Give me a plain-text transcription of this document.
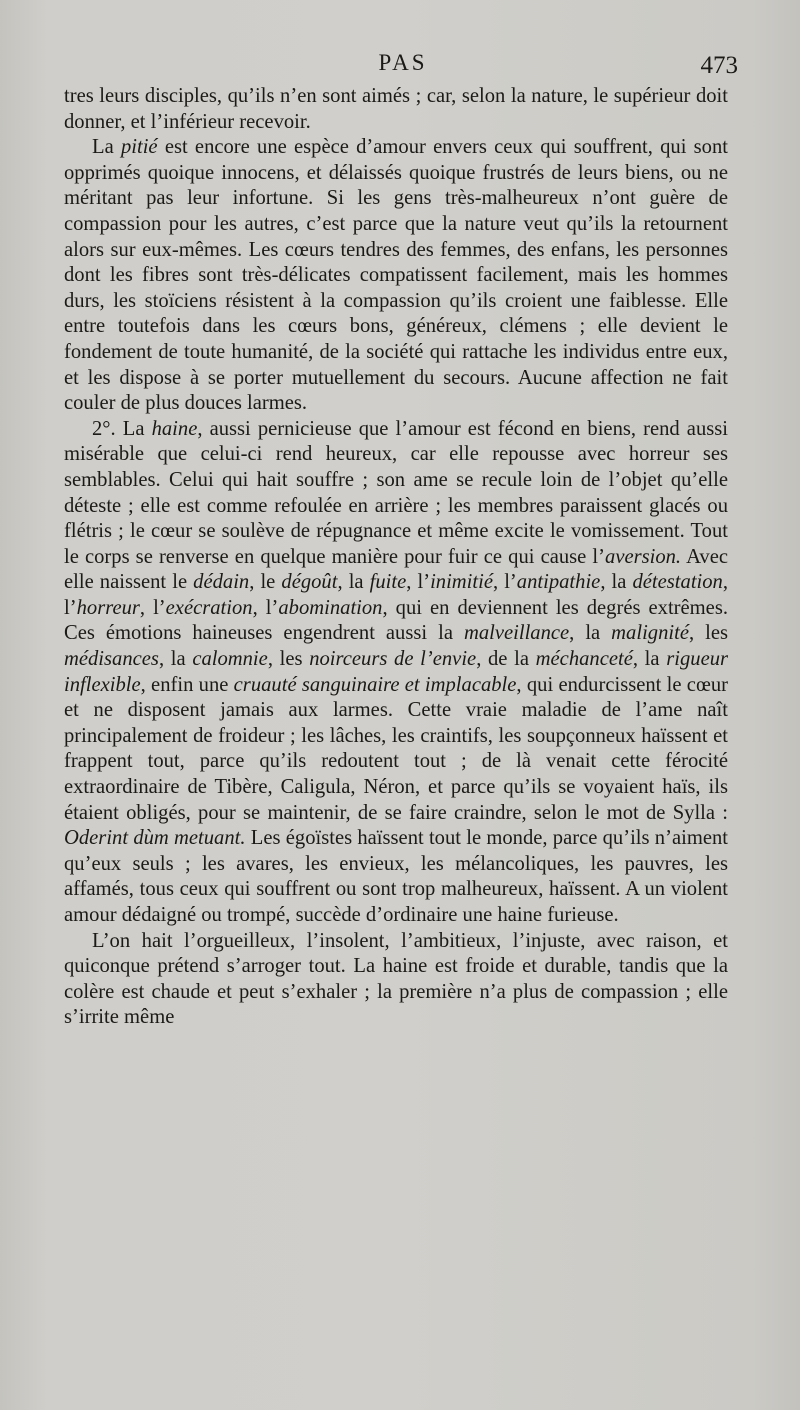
PAS	473

tres leurs disciples, qu’ils n’en sont aimés ; car, selon la nature, le supérieur doit donner, et l’inférieur recevoir.

La pitié est encore une espèce d’amour envers ceux qui souffrent, qui sont opprimés quoique innocens, et délaissés quoique frustrés de leurs biens, ou ne méritant pas leur infortune. Si les gens très-malheureux n’ont guère de compassion pour les autres, c’est parce que la nature veut qu’ils la retournent alors sur eux-mêmes. Les cœurs tendres des femmes, des enfans, les personnes dont les fibres sont très-délicates compatissent facilement, mais les hommes durs, les stoïciens résistent à la compassion qu’ils croient une faiblesse. Elle entre toutefois dans les cœurs bons, généreux, clémens ; elle devient le fondement de toute humanité, de la société qui rattache les individus entre eux, et les dispose à se porter mutuellement du secours. Aucune affection ne fait couler de plus douces larmes.

2°. La haine, aussi pernicieuse que l’amour est fécond en biens, rend aussi misérable que celui-ci rend heureux, car elle repousse avec horreur ses semblables. Celui qui hait souffre ; son ame se recule loin de l’objet qu’elle déteste ; elle est comme refoulée en arrière ; les membres paraissent glacés ou flétris ; le cœur se soulève de répugnance et même excite le vomissement. Tout le corps se renverse en quelque manière pour fuir ce qui cause l’aversion. Avec elle naissent le dédain, le dégoût, la fuite, l’inimitié, l’antipathie, la détestation, l’horreur, l’exécration, l’abomination, qui en deviennent les degrés extrêmes. Ces émotions haineuses engendrent aussi la malveillance, la malignité, les médisances, la calomnie, les noirceurs de l’envie, de la méchanceté, la rigueur inflexible, enfin une cruauté sanguinaire et implacable, qui endurcissent le cœur et ne disposent jamais aux larmes. Cette vraie maladie de l’ame naît principalement de froideur ; les lâches, les craintifs, les soupçonneux haïssent et frappent tout, parce qu’ils redoutent tout ; de là venait cette férocité extraordinaire de Tibère, Caligula, Néron, et parce qu’ils se voyaient haïs, ils étaient obligés, pour se maintenir, de se faire craindre, selon le mot de Sylla : Oderint dùm metuant. Les égoïstes haïssent tout le monde, parce qu’ils n’aiment qu’eux seuls ; les avares, les envieux, les mélancoliques, les pauvres, les affamés, tous ceux qui souffrent ou sont trop malheureux, haïssent. A un violent amour dédaigné ou trompé, succède d’ordinaire une haine furieuse.

L’on hait l’orgueilleux, l’insolent, l’ambitieux, l’injuste, avec raison, et quiconque prétend s’arroger tout. La haine est froide et durable, tandis que la colère est chaude et peut s’exhaler ; la première n’a plus de compassion ; elle s’irrite même
